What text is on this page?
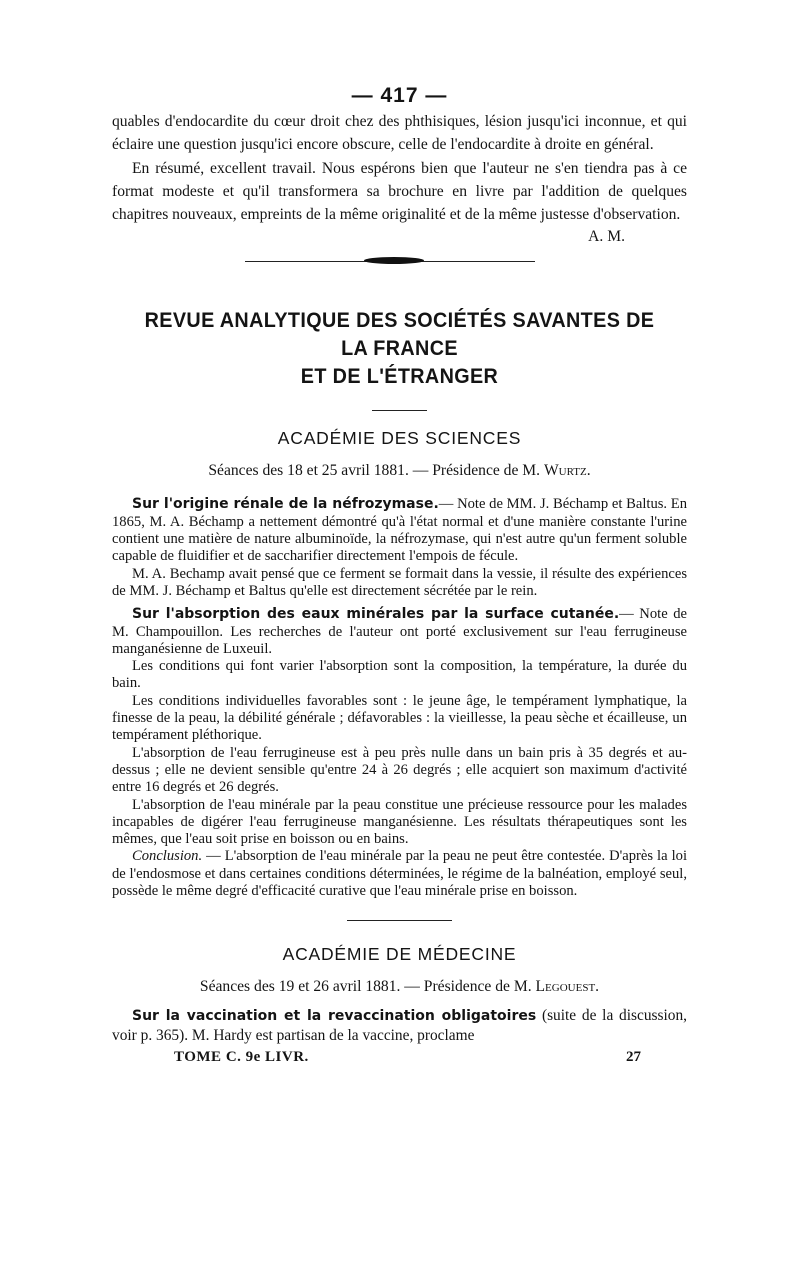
— 417 —

quables d'endocardite du cœur droit chez des phthisiques, lésion jusqu'ici inconnue, et qui éclaire une question jusqu'ici encore obscure, celle de l'endocardite à droite en général.

En résumé, excellent travail. Nous espérons bien que l'auteur ne s'en tiendra pas à ce format modeste et qu'il transformera sa brochure en livre par l'addition de quelques chapitres nouveaux, empreints de la même originalité et de la même justesse d'observation.

A. M.

REVUE ANALYTIQUE DES SOCIÉTÉS SAVANTES DE LA FRANCE
ET DE L'ÉTRANGER
ACADÉMIE DES SCIENCES
Séances des 18 et 25 avril 1881. — Présidence de M. Wurtz.

Sur l'origine rénale de la néfrozymase.— Note de MM. J. Béchamp et Baltus. En 1865, M. A. Béchamp a nettement démontré qu'à l'état normal et d'une manière constante l'urine contient une matière de nature albuminoïde, la néfrozymase, qui n'est autre qu'un ferment soluble capable de fluidifier et de saccharifier directement l'empois de fécule.

M. A. Bechamp avait pensé que ce ferment se formait dans la vessie, il résulte des expériences de MM. J. Béchamp et Baltus qu'elle est directement sécrétée par le rein.

Sur l'absorption des eaux minérales par la surface cutanée.— Note de M. Champouillon. Les recherches de l'auteur ont porté exclusivement sur l'eau ferrugineuse manganésienne de Luxeuil.

Les conditions qui font varier l'absorption sont la composition, la température, la durée du bain.

Les conditions individuelles favorables sont : le jeune âge, le tempérament lymphatique, la finesse de la peau, la débilité générale ; défavorables : la vieillesse, la peau sèche et écailleuse, un tempérament pléthorique.

L'absorption de l'eau ferrugineuse est à peu près nulle dans un bain pris à 35 degrés et au-dessus ; elle ne devient sensible qu'entre 24 à 26 degrés ; elle acquiert son maximum d'activité entre 16 degrés et 26 degrés.

L'absorption de l'eau minérale par la peau constitue une précieuse ressource pour les malades incapables de digérer l'eau ferrugineuse manganésienne. Les résultats thérapeutiques sont les mêmes, que l'eau soit prise en boisson ou en bains.

Conclusion. — L'absorption de l'eau minérale par la peau ne peut être contestée. D'après la loi de l'endosmose et dans certaines conditions déterminées, le régime de la balnéation, employé seul, possède le même degré d'efficacité curative que l'eau minérale prise en boisson.

ACADÉMIE DE MÉDECINE
Séances des 19 et 26 avril 1881. — Présidence de M. Legouest.

Sur la vaccination et la revaccination obligatoires (suite de la discussion, voir p. 365). M. Hardy est partisan de la vaccine, proclame

TOME C. 9e LIVR.	27
